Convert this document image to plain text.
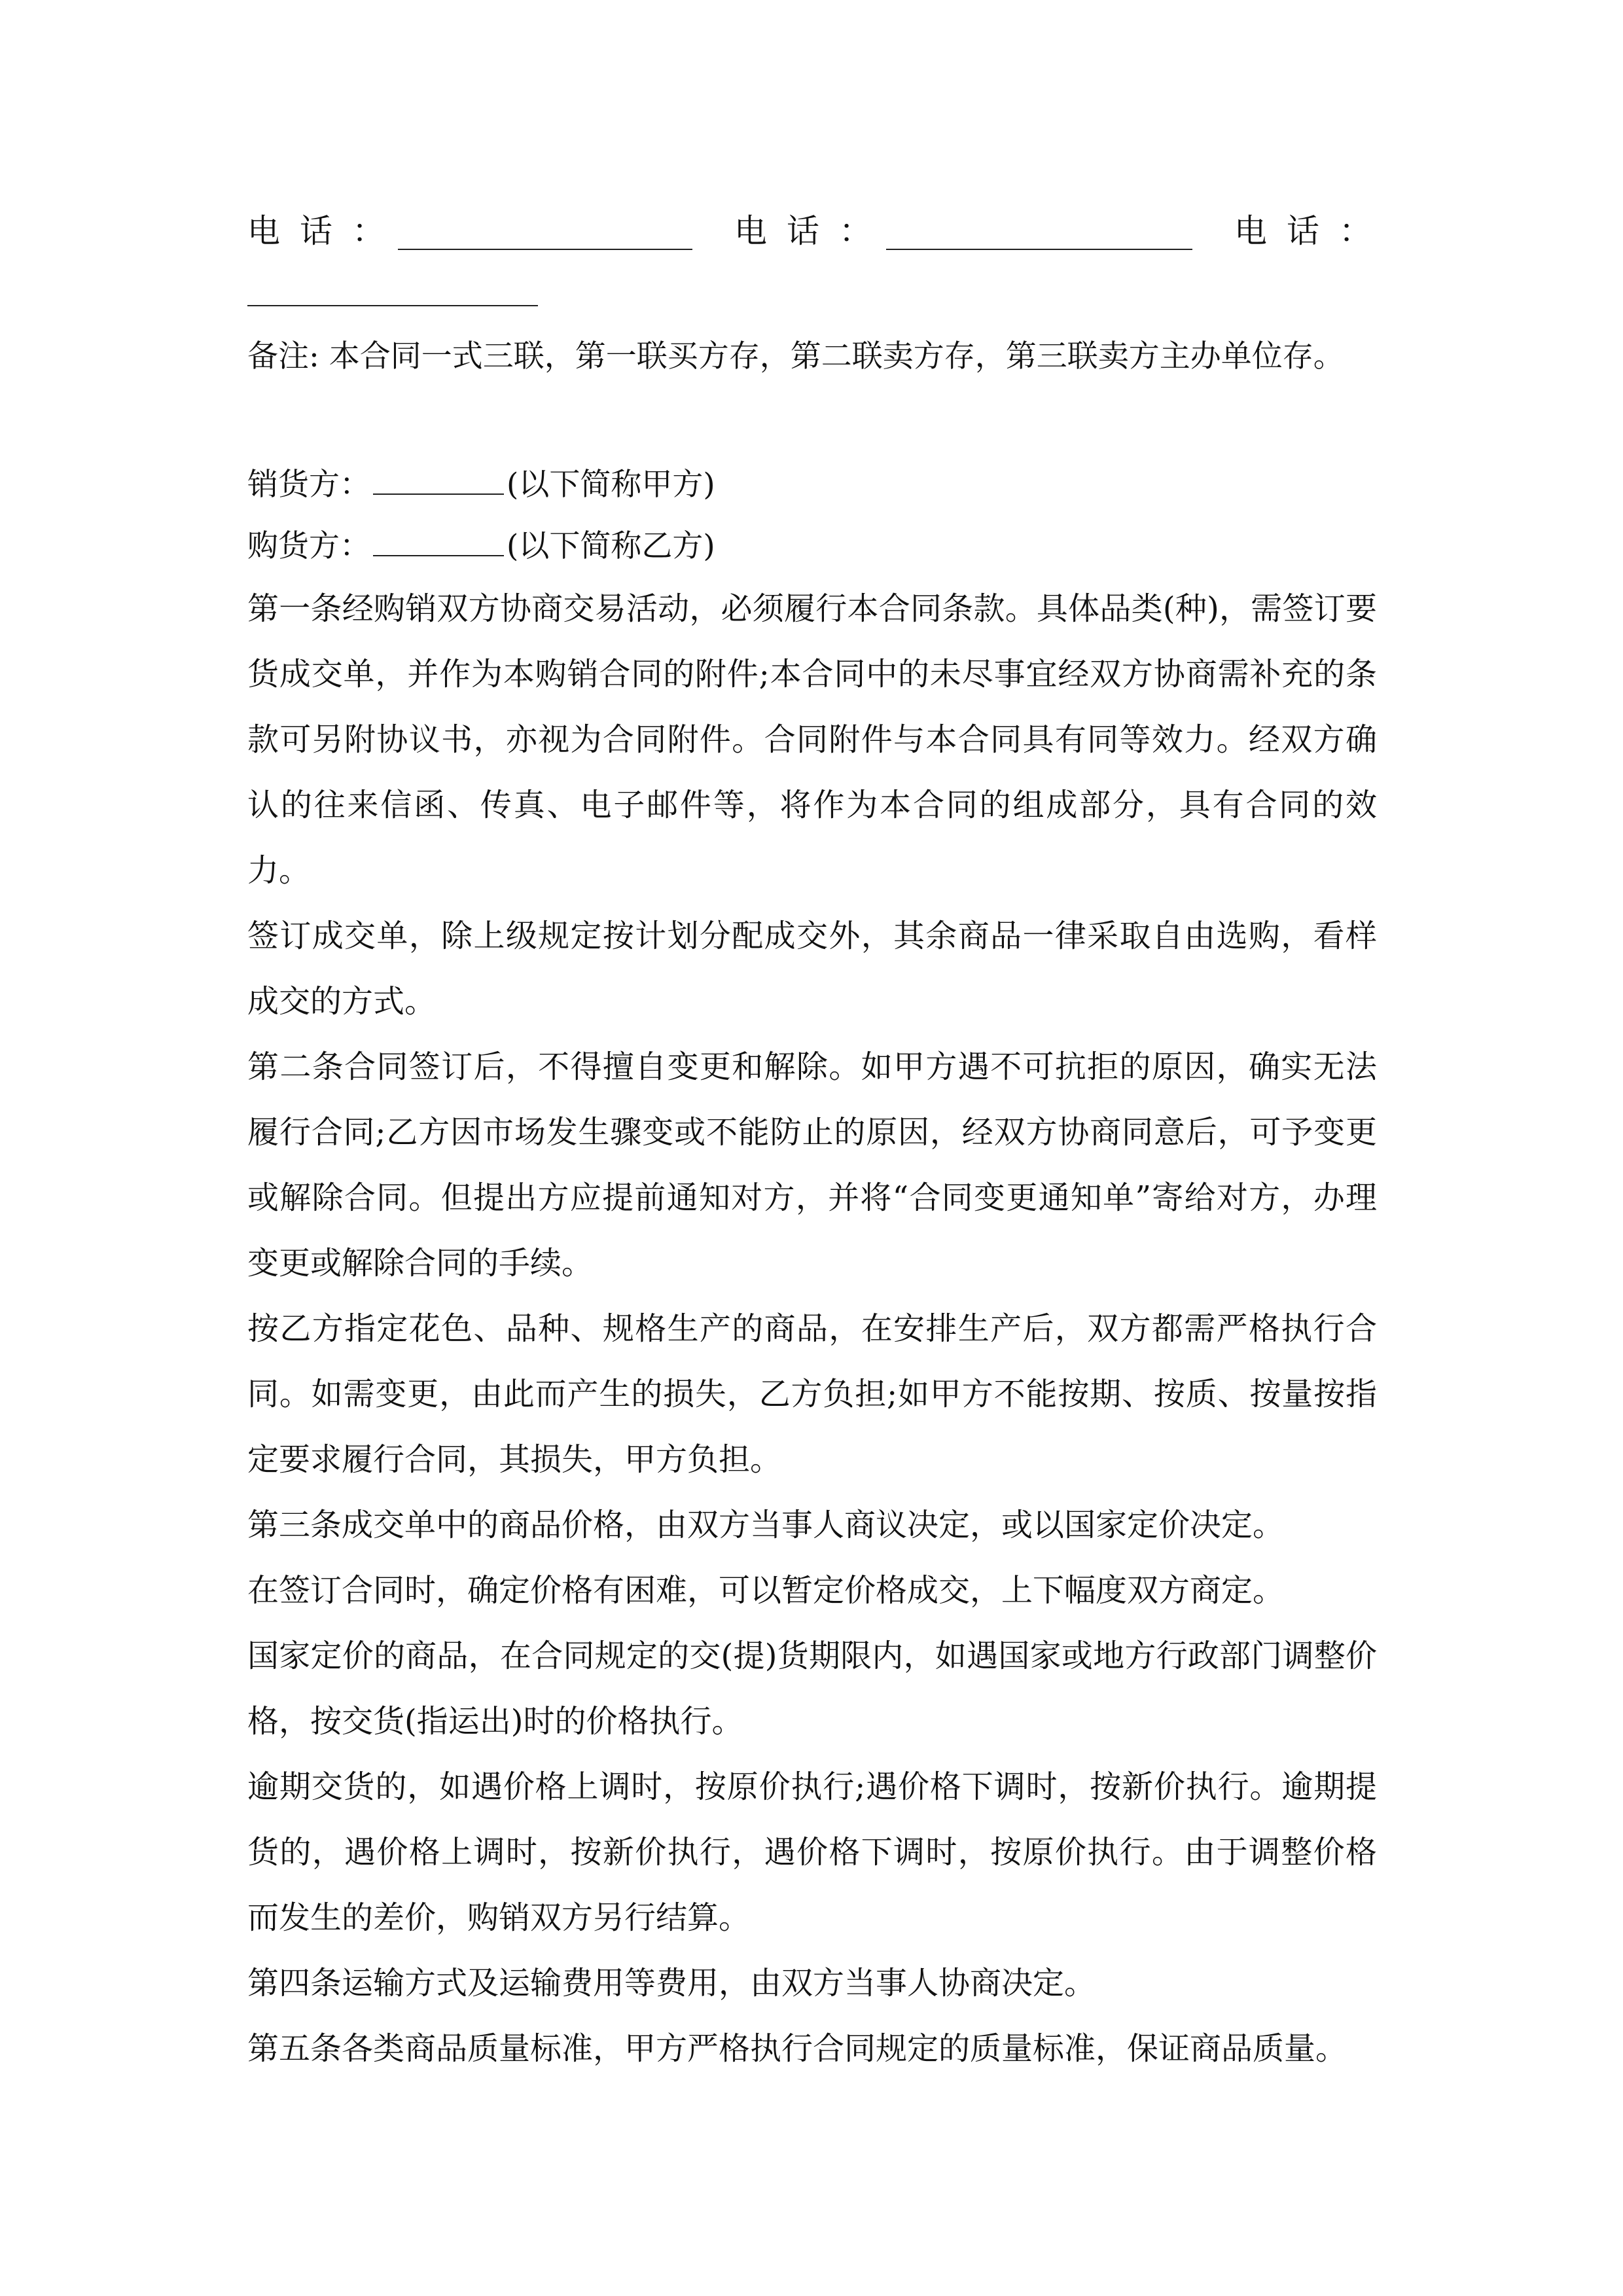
电话：	电话：	电话：
备注: 本合同一式三联，第一联买方存，第二联卖方存，第三联卖方主办单位存。
销货方：	(以下简称甲方)
购货方：	(以下简称乙方)

第一条经购销双方协商交易活动，必须履行本合同条款。具体品类(种)，需签订要货成交单，并作为本购销合同的附件;本合同中的未尽事宜经双方协商需补充的条款可另附协议书，亦视为合同附件。合同附件与本合同具有同等效力。经双方确认的往来信函、传真、电子邮件等，将作为本合同的组成部分，具有合同的效力。

签订成交单，除上级规定按计划分配成交外，其余商品一律采取自由选购，看样成交的方式。

第二条合同签订后，不得擅自变更和解除。如甲方遇不可抗拒的原因，确实无法履行合同;乙方因市场发生骤变或不能防止的原因，经双方协商同意后，可予变更或解除合同。但提出方应提前通知对方，并将“合同变更通知单”寄给对方，办理变更或解除合同的手续。

按乙方指定花色、品种、规格生产的商品，在安排生产后，双方都需严格执行合同。如需变更，由此而产生的损失，乙方负担;如甲方不能按期、按质、按量按指定要求履行合同，其损失，甲方负担。

第三条成交单中的商品价格，由双方当事人商议决定，或以国家定价决定。

在签订合同时，确定价格有困难，可以暂定价格成交，上下幅度双方商定。

国家定价的商品，在合同规定的交(提)货期限内，如遇国家或地方行政部门调整价格，按交货(指运出)时的价格执行。

逾期交货的，如遇价格上调时，按原价执行;遇价格下调时，按新价执行。逾期提货的，遇价格上调时，按新价执行，遇价格下调时，按原价执行。由于调整价格而发生的差价，购销双方另行结算。

第四条运输方式及运输费用等费用，由双方当事人协商决定。

第五条各类商品质量标准，甲方严格执行合同规定的质量标准，保证商品质量。
